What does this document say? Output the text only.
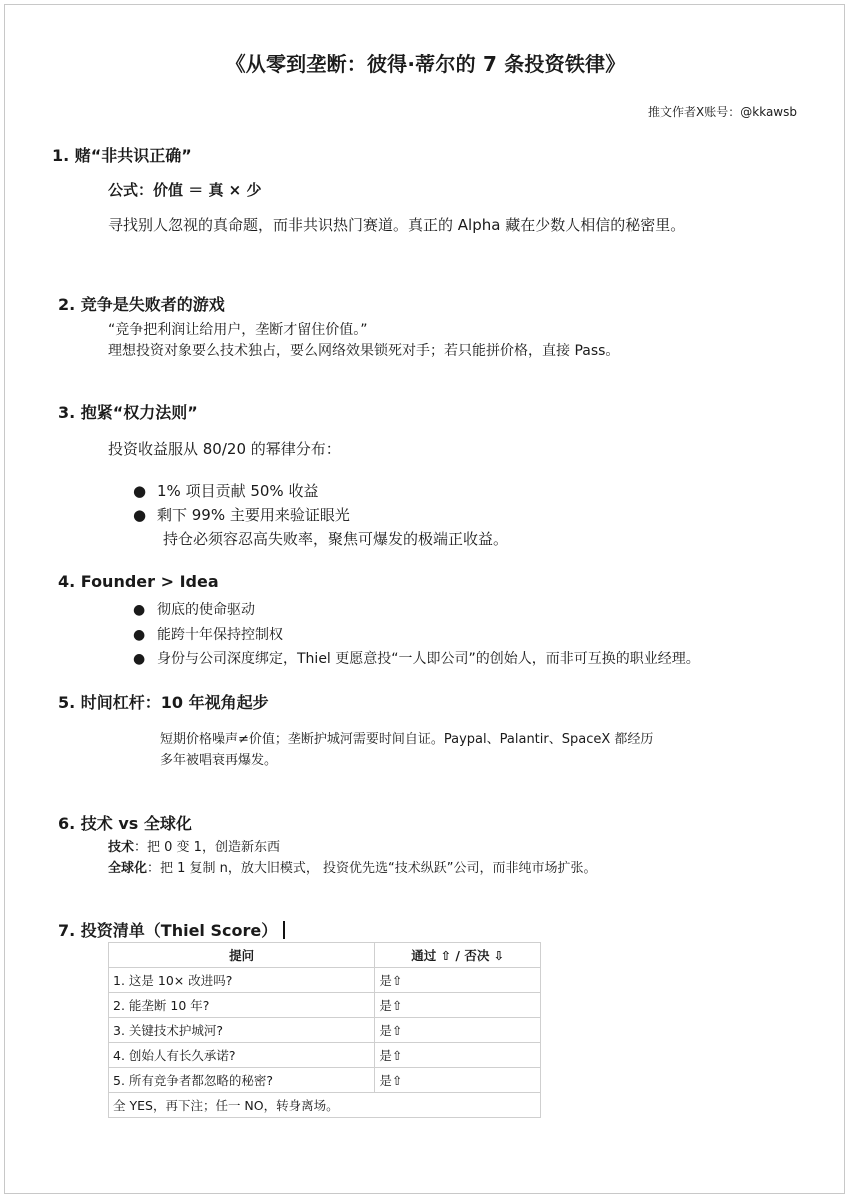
《从零到垄断：彼得·蒂尔的 7 条投资铁律》
推文作者X账号：@kkawsb
1. 赌“非共识正确”
公式：价值 ＝ 真 × 少
寻找别人忽视的真命题，而非共识热门赛道。真正的 Alpha 藏在少数人相信的秘密里。
2. 竞争是失败者的游戏
“竞争把利润让给用户，垄断才留住价值。”
理想投资对象要么技术独占，要么网络效果锁死对手；若只能拼价格，直接 Pass。
3. 抱紧“权力法则”
投资收益服从 80/20 的幂律分布：
● 1% 项目贡献 50% 收益
● 剩下 99% 主要用来验证眼光
持仓必须容忍高失败率，聚焦可爆发的极端正收益。
4. Founder > Idea
● 彻底的使命驱动
● 能跨十年保持控制权
● 身份与公司深度绑定，Thiel 更愿意投“一人即公司”的创始人，而非可互换的职业经理。
5. 时间杠杆：10 年视角起步
短期价格噪声≠价值；垄断护城河需要时间自证。Paypal、Palantir、SpaceX 都经历
多年被唱衰再爆发。
6. 技术 vs 全球化
技术：把 0 变 1，创造新东西
全球化：把 1 复制 n，放大旧模式， 投资优先选“技术纵跃”公司，而非纯市场扩张。
7. 投资清单（Thiel Score）
提问	通过 ⇧ / 否决 ⇩
1. 这是 10× 改进吗?	是⇧
2. 能垄断 10 年?	是⇧
3. 关键技术护城河?	是⇧
4. 创始人有长久承诺?	是⇧
5. 所有竞争者都忽略的秘密?	是⇧
全 YES，再下注；任一 NO，转身离场。	
